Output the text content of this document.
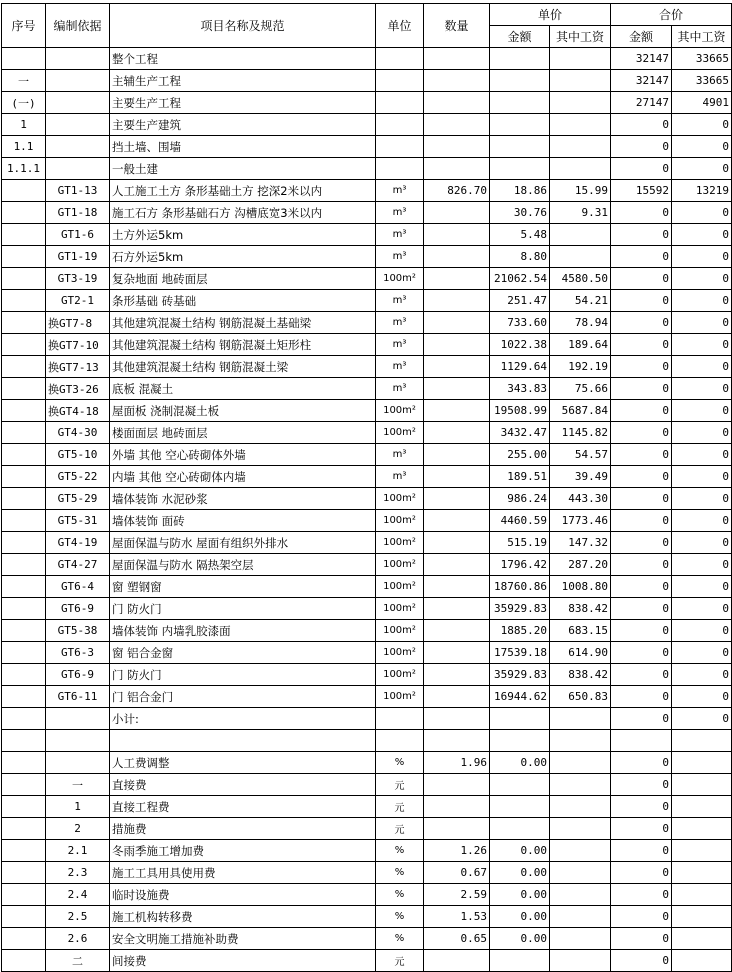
序号	编制依据	项目名称及规范	单位	数量	单价		合价	
					金额	其中工资	金额	其中工资
		整个工程					32147	33665
一		主辅生产工程					32147	33665
(一)		主要生产工程					27147	4901
1		主要生产建筑					0	0
1.1		挡土墙、围墙					0	0
1.1.1		一般土建					0	0
	GT1-13	人工施工土方 条形基础土方 挖深2米以内	m³	826.70	18.86	15.99	15592	13219
	GT1-18	施工石方 条形基础石方 沟槽底宽3米以内	m³		30.76	9.31	0	0
	GT1-6	土方外运5km	m³		5.48		0	0
	GT1-19	石方外运5km	m³		8.80		0	0
	GT3-19	复杂地面 地砖面层	100m²		21062.54	4580.50	0	0
	GT2-1	条形基础 砖基础	m³		251.47	54.21	0	0
	换GT7-8	其他建筑混凝土结构 钢筋混凝土基础梁	m³		733.60	78.94	0	0
	换GT7-10	其他建筑混凝土结构 钢筋混凝土矩形柱	m³		1022.38	189.64	0	0
	换GT7-13	其他建筑混凝土结构 钢筋混凝土梁	m³		1129.64	192.19	0	0
	换GT3-26	底板 混凝土	m³		343.83	75.66	0	0
	换GT4-18	屋面板 浇制混凝土板	100m²		19508.99	5687.84	0	0
	GT4-30	楼面面层 地砖面层	100m²		3432.47	1145.82	0	0
	GT5-10	外墙 其他 空心砖砌体外墙	m³		255.00	54.57	0	0
	GT5-22	内墙 其他 空心砖砌体内墙	m³		189.51	39.49	0	0
	GT5-29	墙体装饰 水泥砂浆	100m²		986.24	443.30	0	0
	GT5-31	墙体装饰 面砖	100m²		4460.59	1773.46	0	0
	GT4-19	屋面保温与防水 屋面有组织外排水	100m²		515.19	147.32	0	0
	GT4-27	屋面保温与防水 隔热架空层	100m²		1796.42	287.20	0	0
	GT6-4	窗 塑钢窗	100m²		18760.86	1008.80	0	0
	GT6-9	门 防火门	100m²		35929.83	838.42	0	0
	GT5-38	墙体装饰 内墙乳胶漆面	100m²		1885.20	683.15	0	0
	GT6-3	窗 铝合金窗	100m²		17539.18	614.90	0	0
	GT6-9	门 防火门	100m²		35929.83	838.42	0	0
	GT6-11	门 铝合金门	100m²		16944.62	650.83	0	0
		小计:					0	0

		人工费调整	%	1.96	0.00		0	
	一	直接费	元				0	
	1	直接工程费	元				0	
	2	措施费	元				0	
	2.1	冬雨季施工增加费	%	1.26	0.00		0	
	2.3	施工工具用具使用费	%	0.67	0.00		0	
	2.4	临时设施费	%	2.59	0.00		0	
	2.5	施工机构转移费	%	1.53	0.00		0	
	2.6	安全文明施工措施补助费	%	0.65	0.00		0	
	二	间接费	元				0	
